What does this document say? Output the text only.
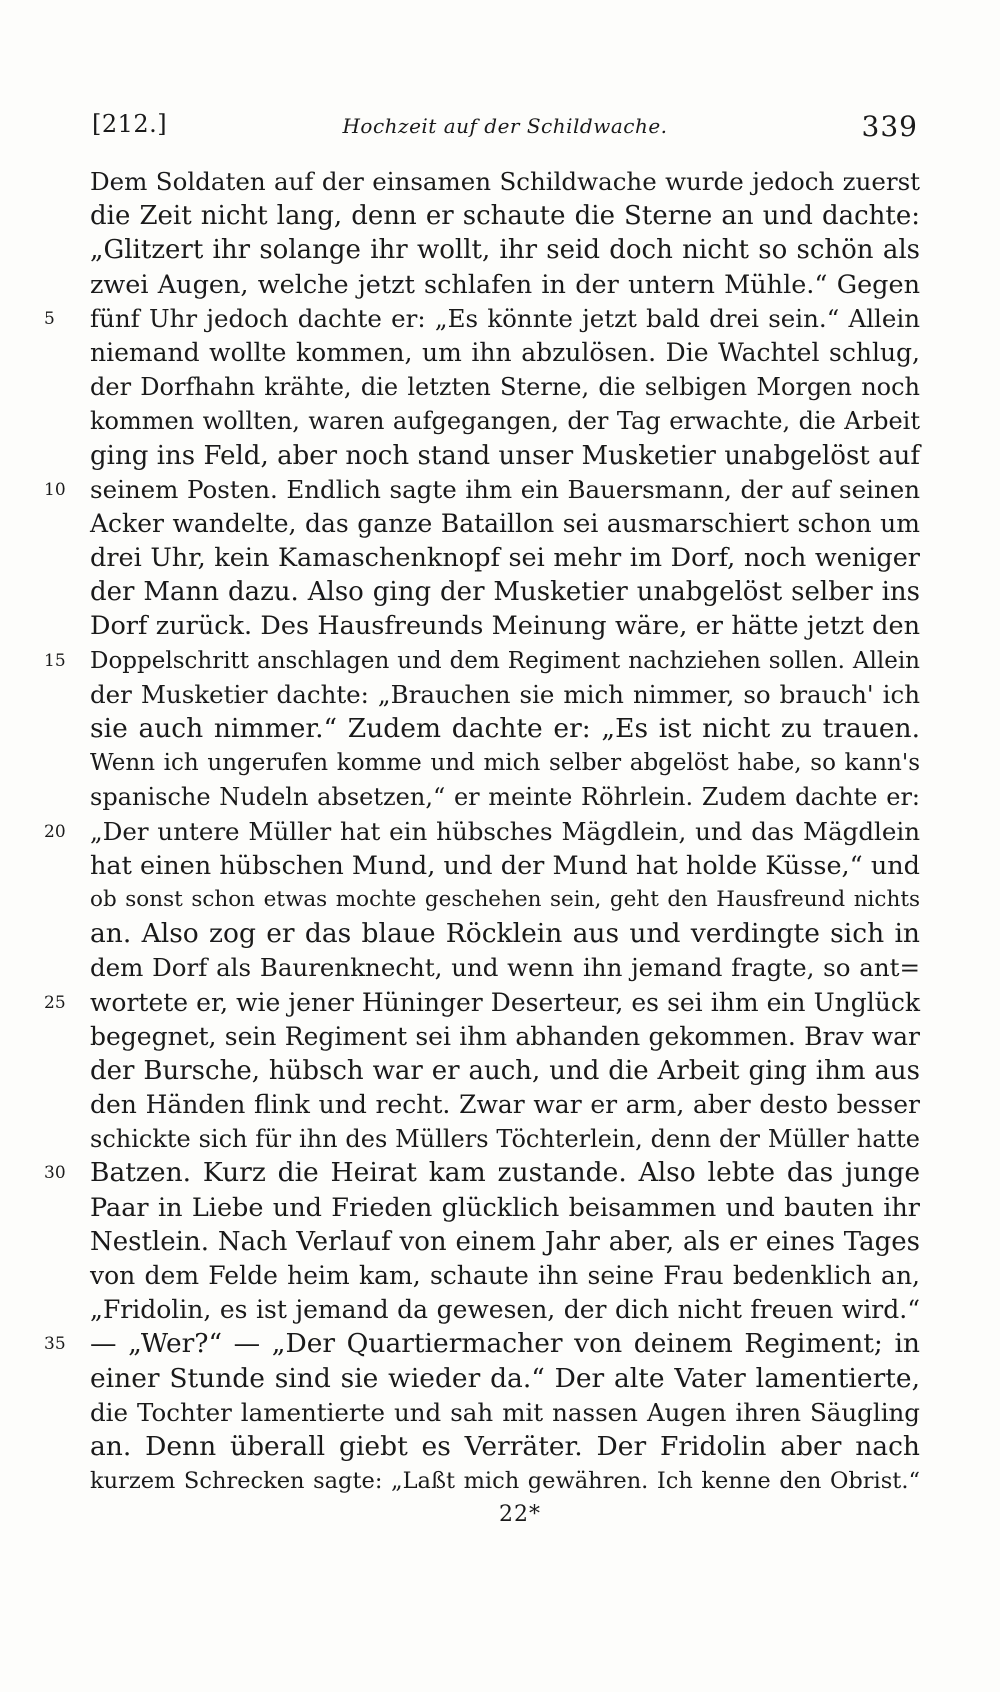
[212.]	Hochzeit auf der Schildwache.	339
Dem Soldaten auf der einsamen Schildwache wurde jedoch zuerst
die Zeit nicht lang, denn er schaute die Sterne an und dachte:
„Glitzert ihr solange ihr wollt, ihr seid doch nicht so schön als
zwei Augen, welche jetzt schlafen in der untern Mühle.“ Gegen
5	fünf Uhr jedoch dachte er: „Es könnte jetzt bald drei sein.“ Allein
niemand wollte kommen, um ihn abzulösen. Die Wachtel schlug,
der Dorfhahn krähte, die letzten Sterne, die selbigen Morgen noch
kommen wollten, waren aufgegangen, der Tag erwachte, die Arbeit
ging ins Feld, aber noch stand unser Musketier unabgelöst auf
10 seinem Posten. Endlich sagte ihm ein Bauersmann, der auf seinen
Acker wandelte, das ganze Bataillon sei ausmarschiert schon um
drei Uhr, kein Kamaschenknopf sei mehr im Dorf, noch weniger
der Mann dazu. Also ging der Musketier unabgelöst selber ins
Dorf zurück. Des Hausfreunds Meinung wäre, er hätte jetzt den
15	Doppelschritt anschlagen und dem Regiment nachziehen sollen. Allein
der Musketier dachte: „Brauchen sie mich nimmer, so brauch' ich
sie auch nimmer.“ Zudem dachte er: „Es ist nicht zu trauen.
Wenn ich ungerufen komme und mich selber abgelöst habe, so kann's
spanische Nudeln absetzen,“ er meinte Röhrlein. Zudem dachte er:
20 „Der untere Müller hat ein hübsches Mägdlein, und das Mägdlein
hat einen hübschen Mund, und der Mund hat holde Küsse,“ und
ob sonst schon etwas mochte geschehen sein, geht den Hausfreund nichts
an. Also zog er das blaue Röcklein aus und verdingte sich in
dem Dorf als Baurenknecht, und wenn ihn jemand fragte, so ant=
25 wortete er, wie jener Hüninger Deserteur, es sei ihm ein Unglück
begegnet, sein Regiment sei ihm abhanden gekommen. Brav war
der Bursche, hübsch war er auch, und die Arbeit ging ihm aus
den Händen flink und recht. Zwar war er arm, aber desto besser
schickte sich für ihn des Müllers Töchterlein, denn der Müller hatte
30 Batzen. Kurz die Heirat kam zustande. Also lebte das junge
Paar in Liebe und Frieden glücklich beisammen und bauten ihr
Nestlein. Nach Verlauf von einem Jahr aber, als er eines Tages
von dem Felde heim kam, schaute ihn seine Frau bedenklich an,
„Fridolin, es ist jemand da gewesen, der dich nicht freuen wird.“
35 — „Wer?“ — „Der Quartiermacher von deinem Regiment; in
einer Stunde sind sie wieder da.“ Der alte Vater lamentierte,
die Tochter lamentierte und sah mit nassen Augen ihren Säugling
an. Denn überall giebt es Verräter. Der Fridolin aber nach
kurzem Schrecken sagte: „Laßt mich gewähren. Ich kenne den Obrist.“
22*
